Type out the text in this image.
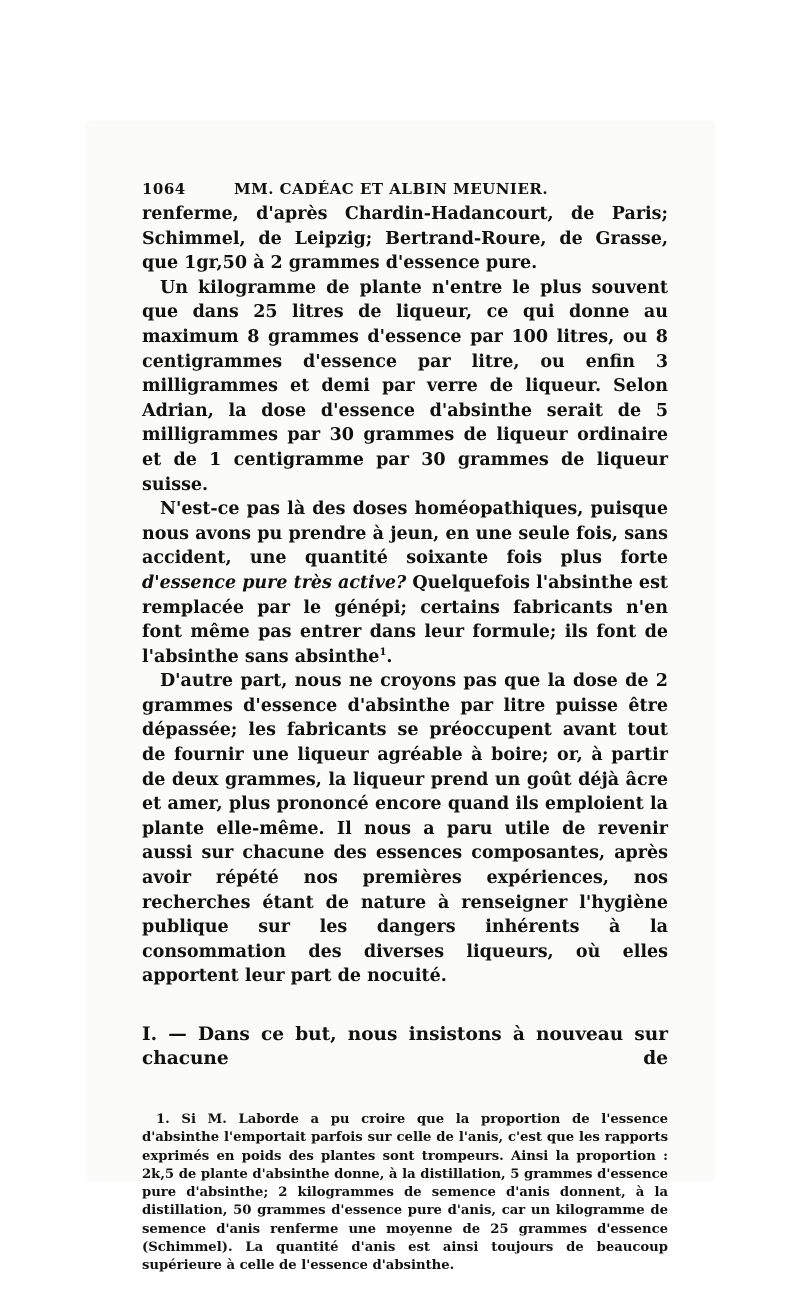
1064	MM. CADÉAC ET ALBIN MEUNIER.

renferme, d'après Chardin-Hadancourt, de Paris; Schimmel, de Leipzig; Bertrand-Roure, de Grasse, que 1gr,50 à 2 grammes d'essence pure.

Un kilogramme de plante n'entre le plus souvent que dans 25 litres de liqueur, ce qui donne au maximum 8 grammes d'essence par 100 litres, ou 8 centigrammes d'essence par litre, ou enfin 3 milligrammes et demi par verre de liqueur. Selon Adrian, la dose d'essence d'absinthe serait de 5 milligrammes par 30 grammes de liqueur ordinaire et de 1 centigramme par 30 grammes de liqueur suisse.

N'est-ce pas là des doses homéopathiques, puisque nous avons pu prendre à jeun, en une seule fois, sans accident, une quantité soixante fois plus forte d'essence pure très active? Quelquefois l'absinthe est remplacée par le génépi; certains fabricants n'en font même pas entrer dans leur formule; ils font de l'absinthe sans absinthe$^1$.

D'autre part, nous ne croyons pas que la dose de 2 grammes d'essence d'absinthe par litre puisse être dépassée; les fabricants se préoccupent avant tout de fournir une liqueur agréable à boire; or, à partir de deux grammes, la liqueur prend un goût déjà âcre et amer, plus prononcé encore quand ils emploient la plante elle-même. Il nous a paru utile de revenir aussi sur chacune des essences composantes, après avoir répété nos premières expériences, nos recherches étant de nature à renseigner l'hygiène publique sur les dangers inhérents à la consommation des diverses liqueurs, où elles apportent leur part de nocuité.

I. — Dans ce but, nous insistons à nouveau sur chacune de

1. Si M. Laborde a pu croire que la proportion de l'essence d'absinthe l'emportait parfois sur celle de l'anis, c'est que les rapports exprimés en poids des plantes sont trompeurs. Ainsi la proportion : 2k,5 de plante d'absinthe donne, à la distillation, 5 grammes d'essence pure d'absinthe; 2 kilogrammes de semence d'anis donnent, à la distillation, 50 grammes d'essence pure d'anis, car un kilogramme de semence d'anis renferme une moyenne de 25 grammes d'essence (Schimmel). La quantité d'anis est ainsi toujours de beaucoup supérieure à celle de l'essence d'absinthe.
